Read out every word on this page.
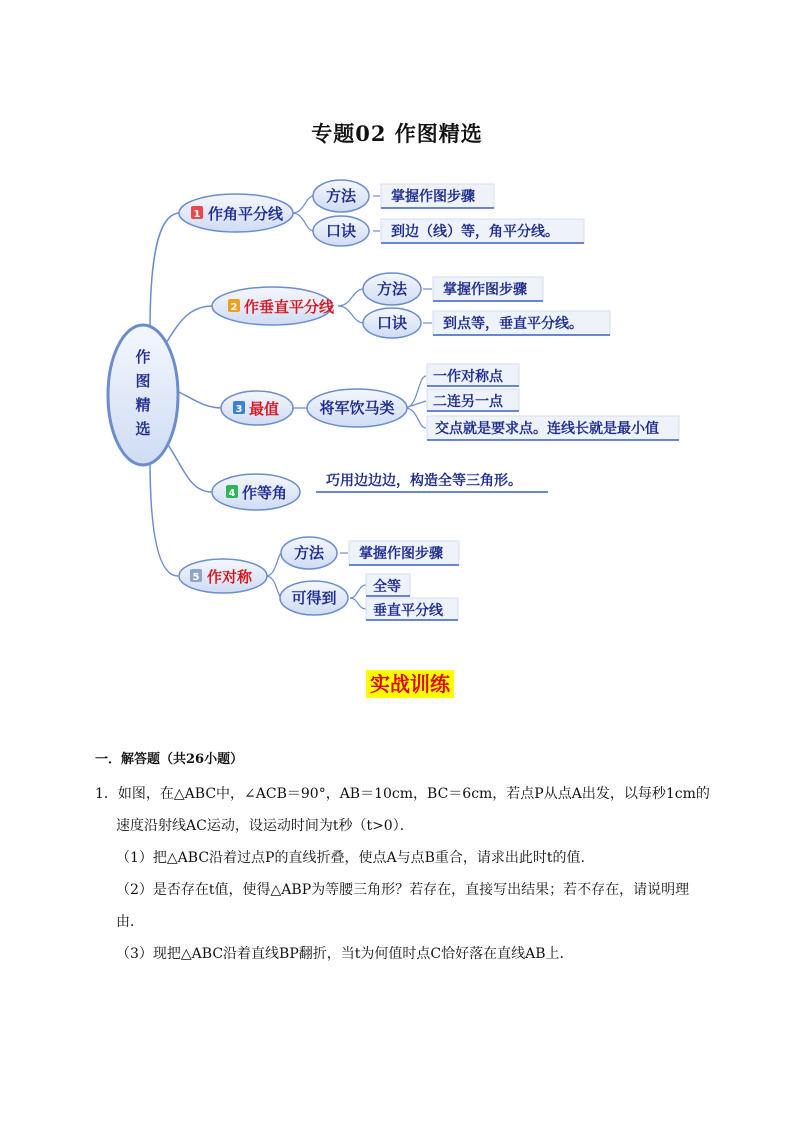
专题02 作图精选
作
图
精
选
1 作角平分线
2 作垂直平分线
3 最值
4 作等角
5 作对称
方法
口诀
方法
口诀
将军饮马类
方法
可得到
掌握作图步骤
到边（线）等，角平分线。
掌握作图步骤
到点等，垂直平分线。
一作对称点
二连另一点
交点就是要求点。连线长就是最小值
巧用边边边，构造全等三角形。
掌握作图步骤
全等
垂直平分线
实战训练
一．解答题（共26小题）
1．如图，在△ABC中，∠ACB＝90°，AB＝10cm，BC＝6cm，若点P从点A出发，以每秒1cm的
速度沿射线AC运动，设运动时间为t秒（t>0）．
（1）把△ABC沿着过点P的直线折叠，使点A与点B重合，请求出此时t的值．
（2）是否存在t值，使得△ABP为等腰三角形？若存在，直接写出结果；若不存在，请说明理
由．
（3）现把△ABC沿着直线BP翻折，当t为何值时点C恰好落在直线AB上．
